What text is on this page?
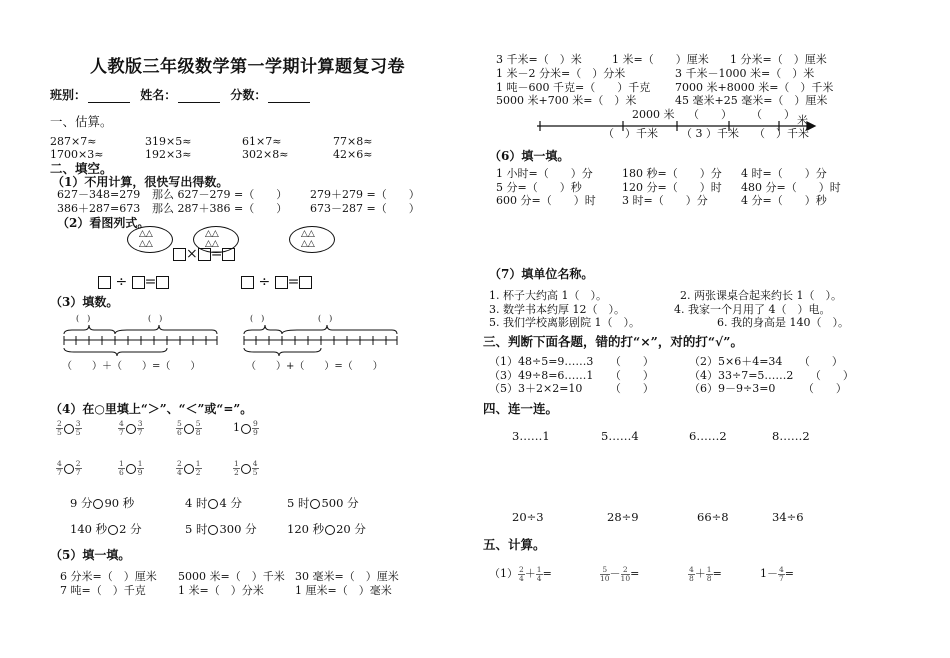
人教版三年级数学第一学期计算题复习卷
班别：	姓名：	分数：
一、估算。
287×7≈	319×5≈	61×7≈	77×8≈
1700×3≈	192×3≈	302×8≈	42×6≈
二、填空。
（1）不用计算，很快写出得数。
627－348=279 那么 627－279 =（　　） 279＋279 =（　　）
386＋287=673 那么 287＋386 =（　　） 673－287 =（　　）
（2）看图列式。
△△
△△
△△
△△
△△
△△
× =
÷ =	÷ =
（3）填数。
(　)	(　)
（　　）＋（　　）=（　　）
(　)	(　)
（　　）+（　　）=（　　）
（4）在○里填上“＞”、“＜”或“=”。
$\frac{2}{5} \frac{3}{5}$	$\frac{4}{7} \frac{3}{7}$	$\frac{5}{6} \frac{5}{8}$	$1 \frac{9}{9}$
$\frac{4}{7} \frac{2}{7}$	$\frac{1}{6} \frac{1}{9}$	$\frac{2}{4} \frac{1}{2}$	$\frac{1}{2} \frac{4}{5}$
9 分 90 秒	4 时 4 分	5 时 500 分
140 秒 2 分	5 时 300 分	120 秒 20 分
（5）填一填。
6 分米=（　）厘米 5000 米=（　）千米 30 毫米=（　）厘米
7 吨=（　）千克	1 米=（　）分米	1 厘米=（　）毫米
3 千米=（　）米	1 米=（　　）厘米 1 分米=（　）厘米
1 米－2 分米=（　）分米	3 千米－1000 米=（　）米
1 吨－600 千克=（　　）千克 7000 米+8000 米=（　）千米
5000 米+700 米=（　）米	45 毫米+25 毫米=（　）厘米
2000 米 （　　） （　　）
（　）千米 （ 3 ）千米 （　）千米
米
（6）填一填。
1 小时=（　　）分	180 秒=（　　）分 4 时=（　　）分
5 分=（　　）秒	120 分=（　　）时 480 分=（　　）时
600 分=（　　）时 3 时=（　　）分	4 分=（　　）秒
（7）填单位名称。
1. 杯子大约高 1（　）。	2. 两张课桌合起来约长 1（　）。
3. 数学书本约厚 12（　）。	4. 我家一个月用了 4（　）电。
5. 我们学校离影剧院 1（　）。	6. 我的身高是 140（　）。
三、判断下面各题，错的打“×”，对的打“√”。
（1）48÷5=9……3　　（　　）	（2）5×6＋4=34　　（　　）
（3）49÷8=6……1　　（　　）	（4）33÷7=5……2　　（　　）
（5）3＋2×2=10　　　（　　）	（6）9－9÷3=0　　　（　　）
四、连一连。
3……1	5……4	6……2	8……2
20÷3	28÷9	66÷8	34÷6
五、计算。
$(1) \frac{2}{4} + \frac{1}{4}$ =	$\frac{5}{10} - \frac{2}{10}$ =	$\frac{4}{8} + \frac{1}{8}$ =	$1- \frac{4}{7}$ =
